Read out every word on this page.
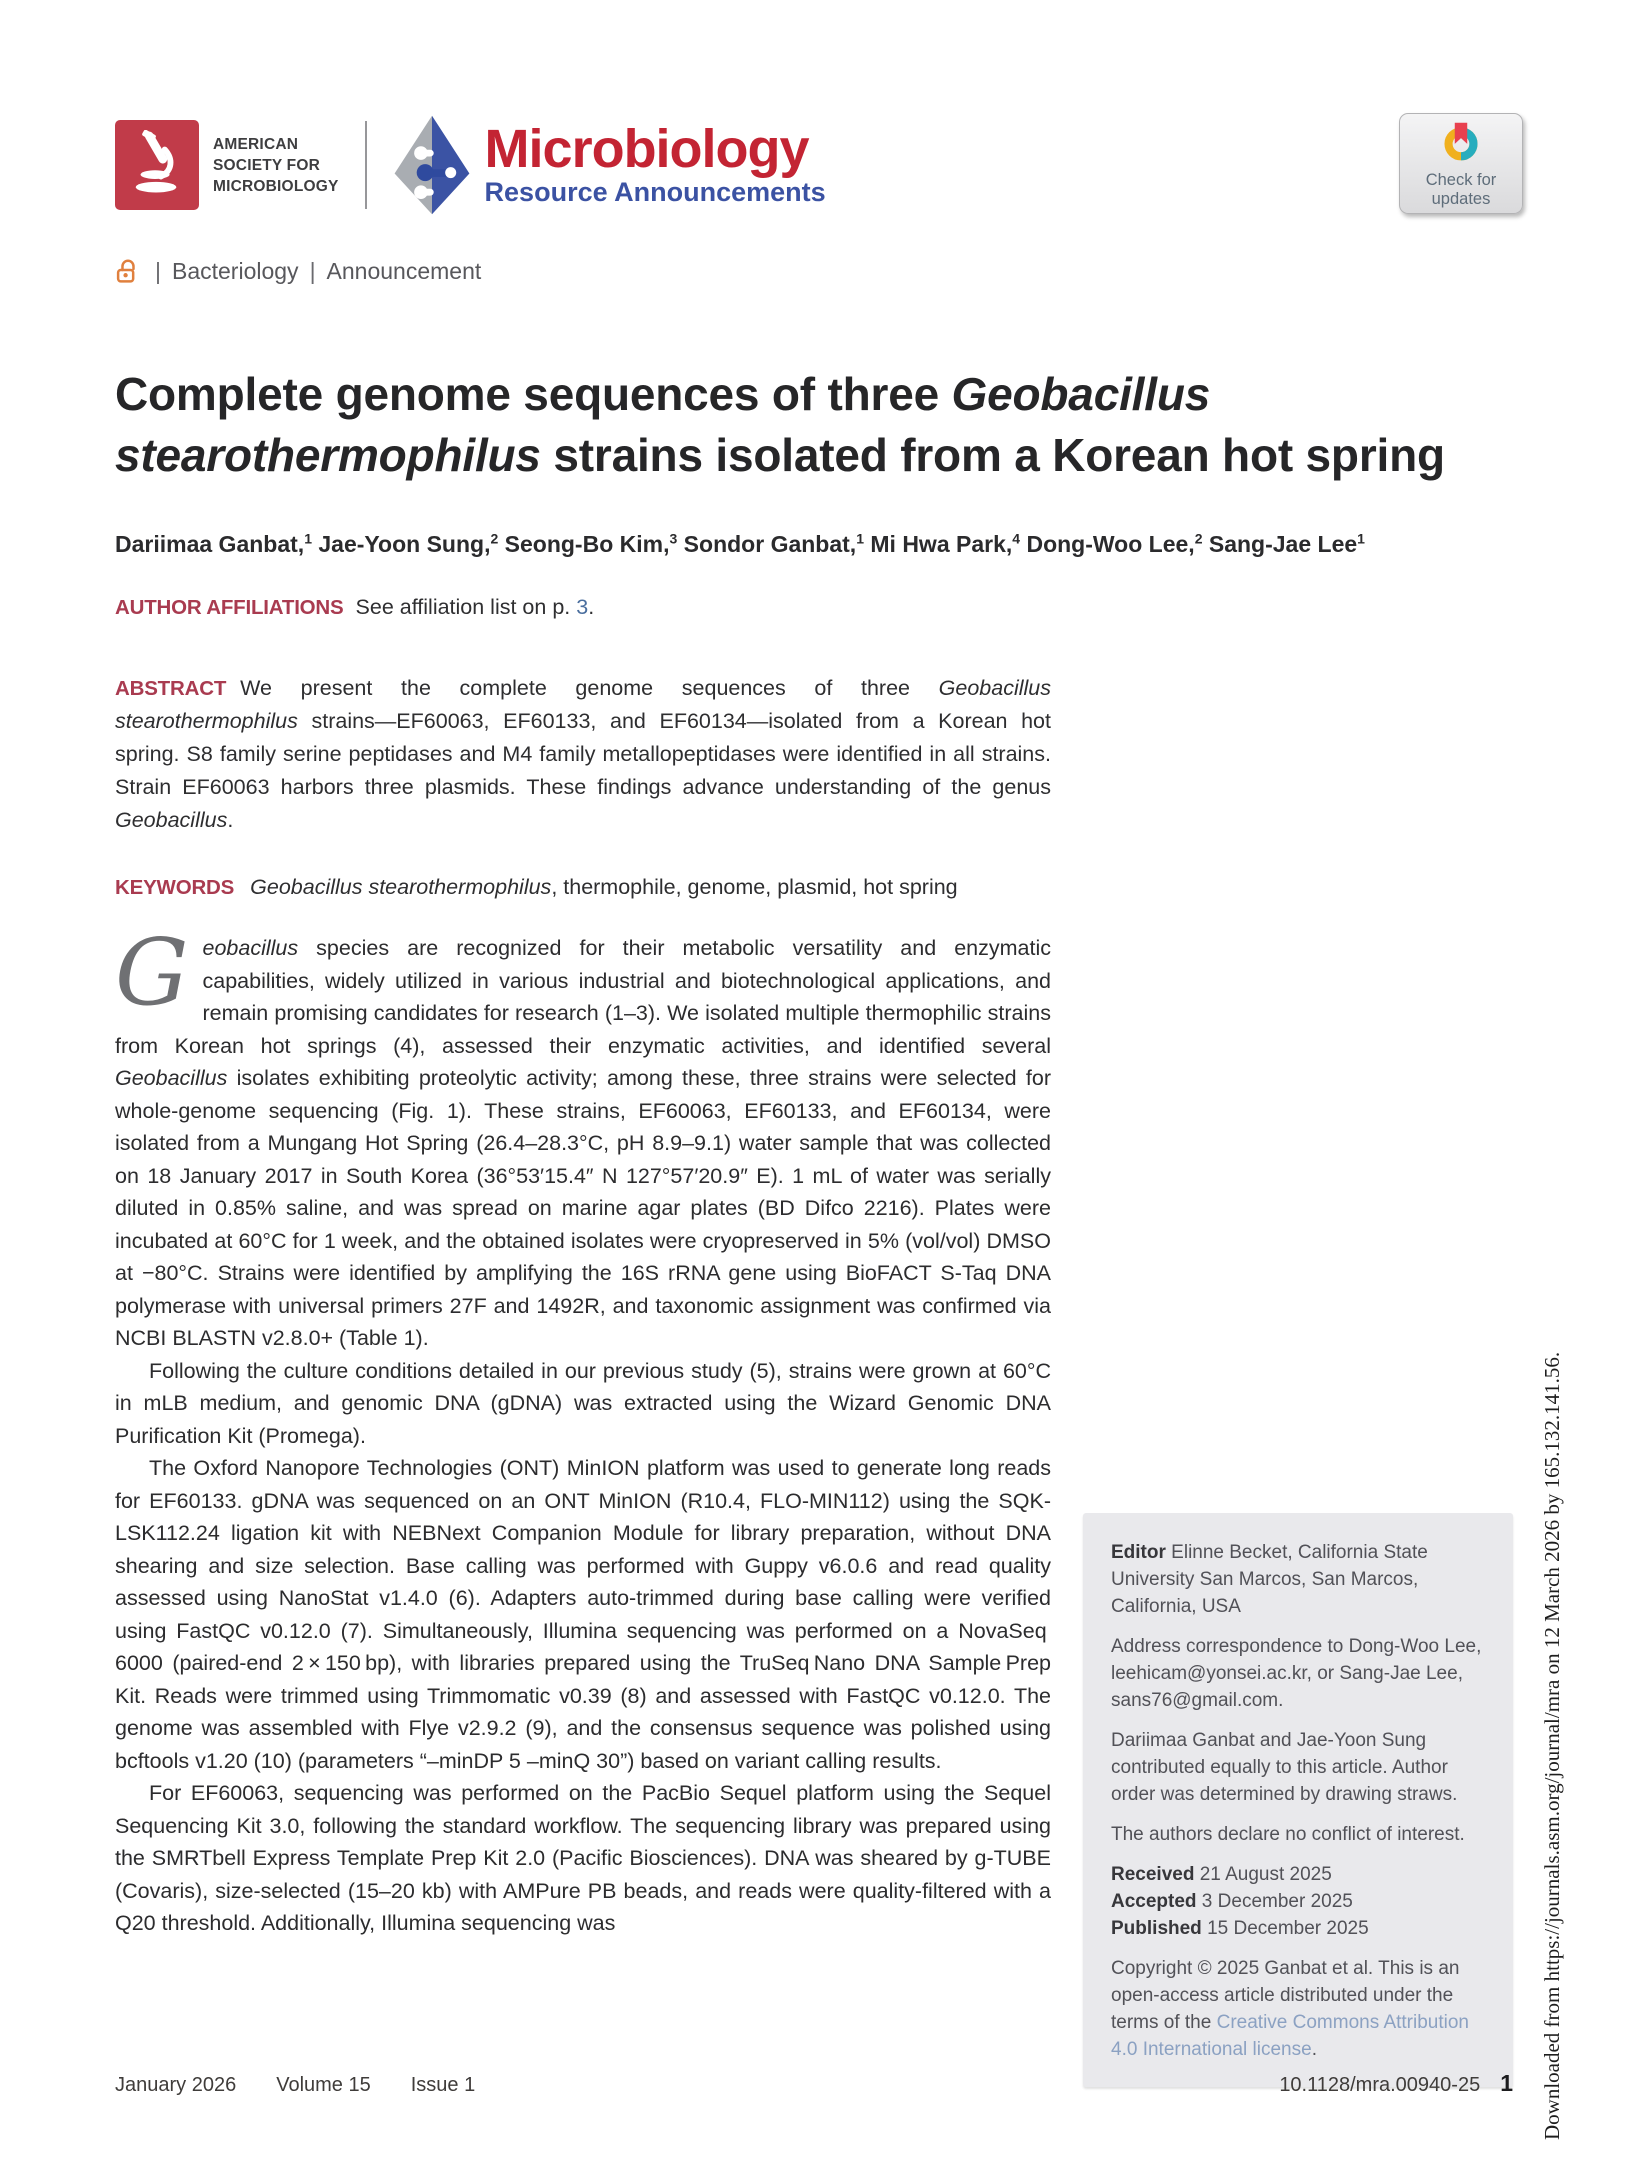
AMERICAN
SOCIETY FOR
MICROBIOLOGY
Microbiology
Resource Announcements	Check for
updates
| Bacteriology | Announcement
Complete genome sequences of three Geobacillus stearothermophilus strains isolated from a Korean hot spring
Dariimaa Ganbat,$^1$ Jae-Yoon Sung,$^2$ Seong-Bo Kim,$^3$ Sondor Ganbat,$^1$ Mi Hwa Park,$^4$ Dong-Woo Lee,$^2$ Sang-Jae Lee$^1$
AUTHOR AFFILIATIONS See affiliation list on p. 3.

ABSTRACT We present the complete genome sequences of three Geobacillus stearothermophilus strains—EF60063, EF60133, and EF60134—isolated from a Korean hot spring. S8 family serine peptidases and M4 family metallopeptidases were identified in all strains. Strain EF60063 harbors three plasmids. These findings advance understanding of the genus Geobacillus.

KEYWORDS Geobacillus stearothermophilus, thermophile, genome, plasmid, hot spring

Geobacillus species are recognized for their metabolic versatility and enzymatic capabilities, widely utilized in various industrial and biotechnological applications, and remain promising candidates for research (1–3). We isolated multiple thermophilic strains from Korean hot springs (4), assessed their enzymatic activities, and identified several Geobacillus isolates exhibiting proteolytic activity; among these, three strains were selected for whole-genome sequencing (Fig. 1). These strains, EF60063, EF60133, and EF60134, were isolated from a Mungang Hot Spring (26.4–28.3°C, pH 8.9–9.1) water sample that was collected on 18 January 2017 in South Korea (36°53′15.4″ N 127°57′20.9″ E). 1 mL of water was serially diluted in 0.85% saline, and was spread on marine agar plates (BD Difco 2216). Plates were incubated at 60°C for 1 week, and the obtained isolates were cryopreserved in 5% (vol/vol) DMSO at −80°C. Strains were identified by amplifying the 16S rRNA gene using BioFACT S-Taq DNA polymerase with universal primers 27F and 1492R, and taxonomic assignment was confirmed via NCBI BLASTN v2.8.0+ (Table 1).

Following the culture conditions detailed in our previous study (5), strains were grown at 60°C in mLB medium, and genomic DNA (gDNA) was extracted using the Wizard Genomic DNA Purification Kit (Promega).

The Oxford Nanopore Technologies (ONT) MinION platform was used to generate long reads for EF60133. gDNA was sequenced on an ONT MinION (R10.4, FLO-MIN112) using the SQK-LSK112.24 ligation kit with NEBNext Companion Module for library preparation, without DNA shearing and size selection. Base calling was performed with Guppy v6.0.6 and read quality assessed using NanoStat v1.4.0 (6). Adapters auto-trimmed during base calling were verified using FastQC v0.12.0 (7). Simultaneously, Illumina sequencing was performed on a NovaSeq 6000 (paired-end 2 × 150 bp), with libraries prepared using the TruSeq Nano DNA Sample Prep Kit. Reads were trimmed using Trimmomatic v0.39 (8) and assessed with FastQC v0.12.0. The genome was assembled with Flye v2.9.2 (9), and the consensus sequence was polished using bcftools v1.20 (10) (parameters “–minDP 5 –minQ 30”) based on variant calling results.

For EF60063, sequencing was performed on the PacBio Sequel platform using the Sequel Sequencing Kit 3.0, following the standard workflow. The sequencing library was prepared using the SMRTbell Express Template Prep Kit 2.0 (Pacific Biosciences). DNA was sheared by g-TUBE (Covaris), size-selected (15–20 kb) with AMPure PB beads, and reads were quality-filtered with a Q20 threshold. Additionally, Illumina sequencing was

Editor Elinne Becket, California State University San Marcos, San Marcos, California, USA

Address correspondence to Dong-Woo Lee, leehicam@yonsei.ac.kr, or Sang-Jae Lee, sans76@gmail.com.

Dariimaa Ganbat and Jae-Yoon Sung contributed equally to this article. Author order was determined by drawing straws.

The authors declare no conflict of interest.

Received 21 August 2025
Accepted 3 December 2025
Published 15 December 2025

Copyright © 2025 Ganbat et al. This is an open-access article distributed under the terms of the Creative Commons Attribution 4.0 International license.

January 2026 Volume 15 Issue 1	10.1128/mra.00940-25 1 Downloaded from https://journals.asm.org/journal/mra on 12 March 2026 by 165.132.141.56.
